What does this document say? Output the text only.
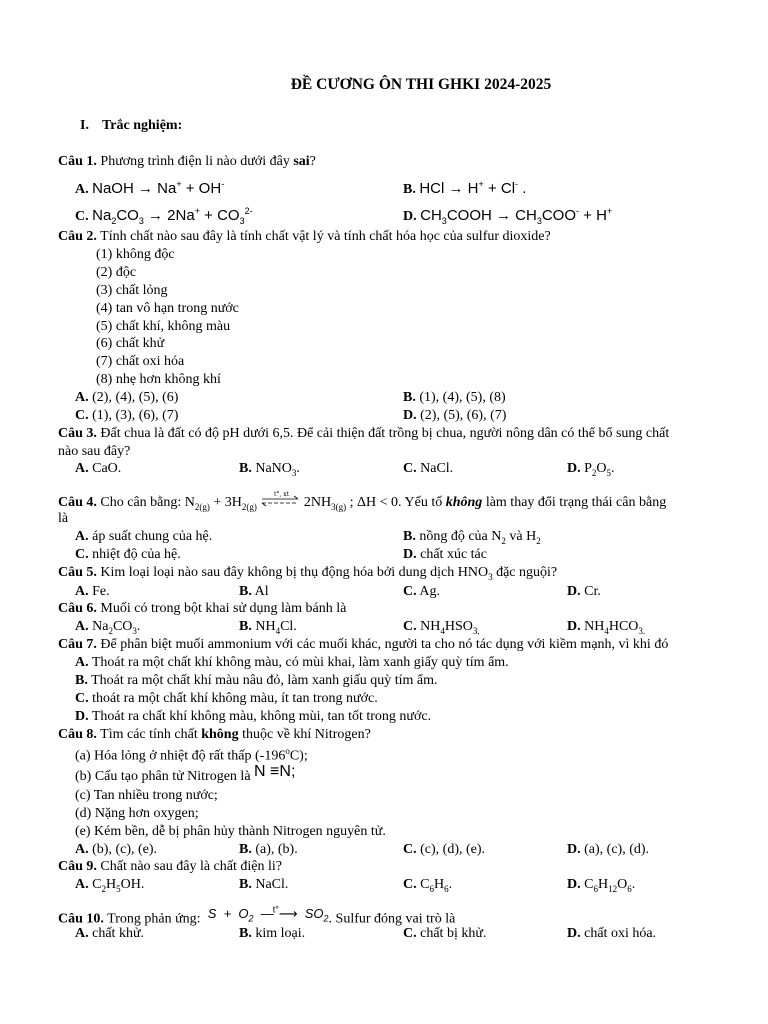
ĐỀ CƯƠNG ÔN THI GHKI 2024-2025
I. Trắc nghiệm:
Câu 1. Phương trình điện li nào dưới đây sai?
A. NaOH → Na+ + OH-	B. HCl → H+ + Cl- .
C. $Na_2CO_3 \to 2Na^+ + CO_3^{2-}$	D. $CH_3COOH \to CH_3COO^- + H^+$
Câu 2. Tính chất nào sau đây là tính chất vật lý và tính chất hóa học của sulfur dioxide?
(1) không độc
(2) độc
(3) chất lỏng
(4) tan vô hạn trong nước
(5) chất khí, không màu
(6) chất khử
(7) chất oxi hóa
(8) nhẹ hơn không khí
A. (2), (4), (5), (6)	B. (1), (4), (5), (8)
C. (1), (3), (6), (7)	D. (2), (5), (6), (7)
Câu 3. Đất chua là đất có độ pH dưới 6,5. Để cải thiện đất trồng bị chua, người nông dân có thể bổ sung chất
nào sau đây?
A. CaO.	B. NaNO$_3$.	C. NaCl.	D. $P_2O_5$.
Câu 4. Cho cân bằng: $N_{2(g)} + 3H_{2(g)}$
t°, xt
$2NH_{3(g)}$ ; ΔH < 0. Yếu tố không làm thay đổi trạng thái cân bằng
là
A. áp suất chung của hệ.	B. nồng độ của $N_2$ và $H_2$
C. nhiệt độ của hệ.	D. chất xúc tác
Câu 5. Kim loại loại nào sau đây không bị thụ động hóa bởi dung dịch $HNO_3$ đặc nguội?
A. Fe.	B. Al	C. Ag.	D. Cr.
Câu 6. Muối có trong bột khai sử dụng làm bánh là
A. $Na_2CO_3$.	B. $NH_4Cl$.	C. $NH_4HSO_{3.}$	D. $NH_4HCO_{3.}$
Câu 7. Để phân biệt muối ammonium với các muối khác, người ta cho nó tác dụng với kiềm mạnh, vì khi đó
A. Thoát ra một chất khí không màu, có mùi khai, làm xanh giấy quỳ tím ẩm.
B. Thoát ra một chất khí màu nâu đỏ, làm xanh giấu quỳ tím ẩm.
C. thoát ra một chất khí không màu, ít tan trong nước.
D. Thoát ra chất khí không màu, không mùi, tan tốt trong nước.
Câu 8. Tìm các tính chất không thuộc về khí Nitrogen?
(a) Hóa lỏng ở nhiệt độ rất thấp (-196$^o$C);
(b) Cấu tạo phân tử Nitrogen là N ≡N;
(c) Tan nhiều trong nước;
(d) Nặng hơn oxygen;
(e) Kém bền, dễ bị phân hủy thành Nitrogen nguyên tử.
A. (b), (c), (e).	B. (a), (b).	C. (c), (d), (e).	D. (a), (c), (d).
Câu 9. Chất nào sau đây là chất điện li?
A. $C_2H_5OH$.	B. NaCl.	C. $C_6H_6$.	D. $C_6H_{12}O_6$.
Câu 10. Trong phản ứng:  $S + O_2$ —$^{t^\circ}$⟶  $SO_2$. Sulfur đóng vai trò là
A. chất khử.	B. kim loại.	C. chất bị khử.	D. chất oxi hóa.
